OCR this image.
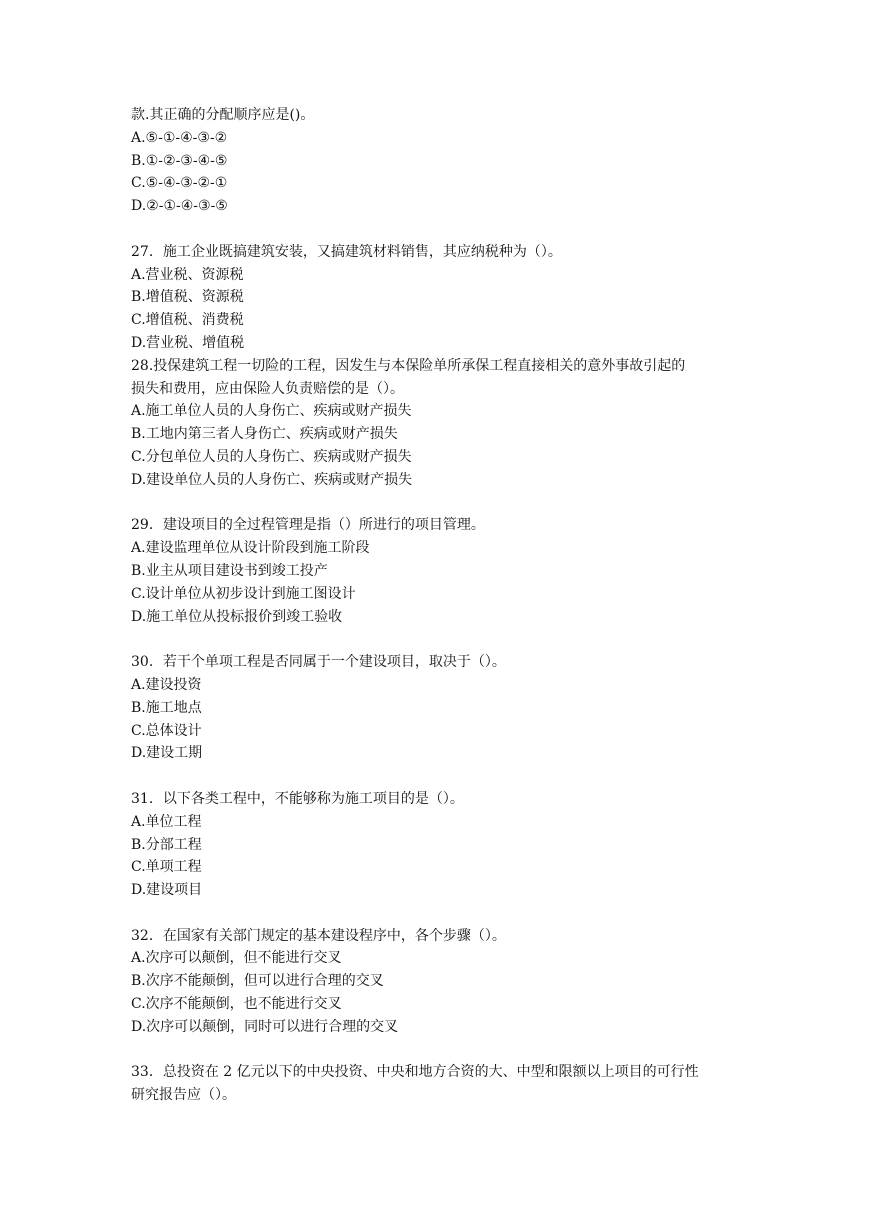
款.其正确的分配顺序应是()。
A.⑤-①-④-③-②
B.①-②-③-④-⑤
C.⑤-④-③-②-①
D.②-①-④-③-⑤
27．施工企业既搞建筑安装，又搞建筑材料销售，其应纳税种为（）。
A.营业税、资源税
B.增值税、资源税
C.增值税、消费税
D.营业税、增值税
28.投保建筑工程一切险的工程，因发生与本保险单所承保工程直接相关的意外事故引起的
损失和费用，应由保险人负责赔偿的是（）。
A.施工单位人员的人身伤亡、疾病或财产损失
B.工地内第三者人身伤亡、疾病或财产损失
C.分包单位人员的人身伤亡、疾病或财产损失
D.建设单位人员的人身伤亡、疾病或财产损失
29．建设项目的全过程管理是指（）所进行的项目管理。
A.建设监理单位从设计阶段到施工阶段
B.业主从项目建设书到竣工投产
C.设计单位从初步设计到施工图设计
D.施工单位从投标报价到竣工验收
30．若干个单项工程是否同属于一个建设项目，取决于（）。
A.建设投资
B.施工地点
C.总体设计
D.建设工期
31．以下各类工程中，不能够称为施工项目的是（）。
A.单位工程
B.分部工程
C.单项工程
D.建设项目
32．在国家有关部门规定的基本建设程序中，各个步骤（）。
A.次序可以颠倒，但不能进行交叉
B.次序不能颠倒，但可以进行合理的交叉
C.次序不能颠倒，也不能进行交叉
D.次序可以颠倒，同时可以进行合理的交叉
33．总投资在 2 亿元以下的中央投资、中央和地方合资的大、中型和限额以上项目的可行性
研究报告应（）。
